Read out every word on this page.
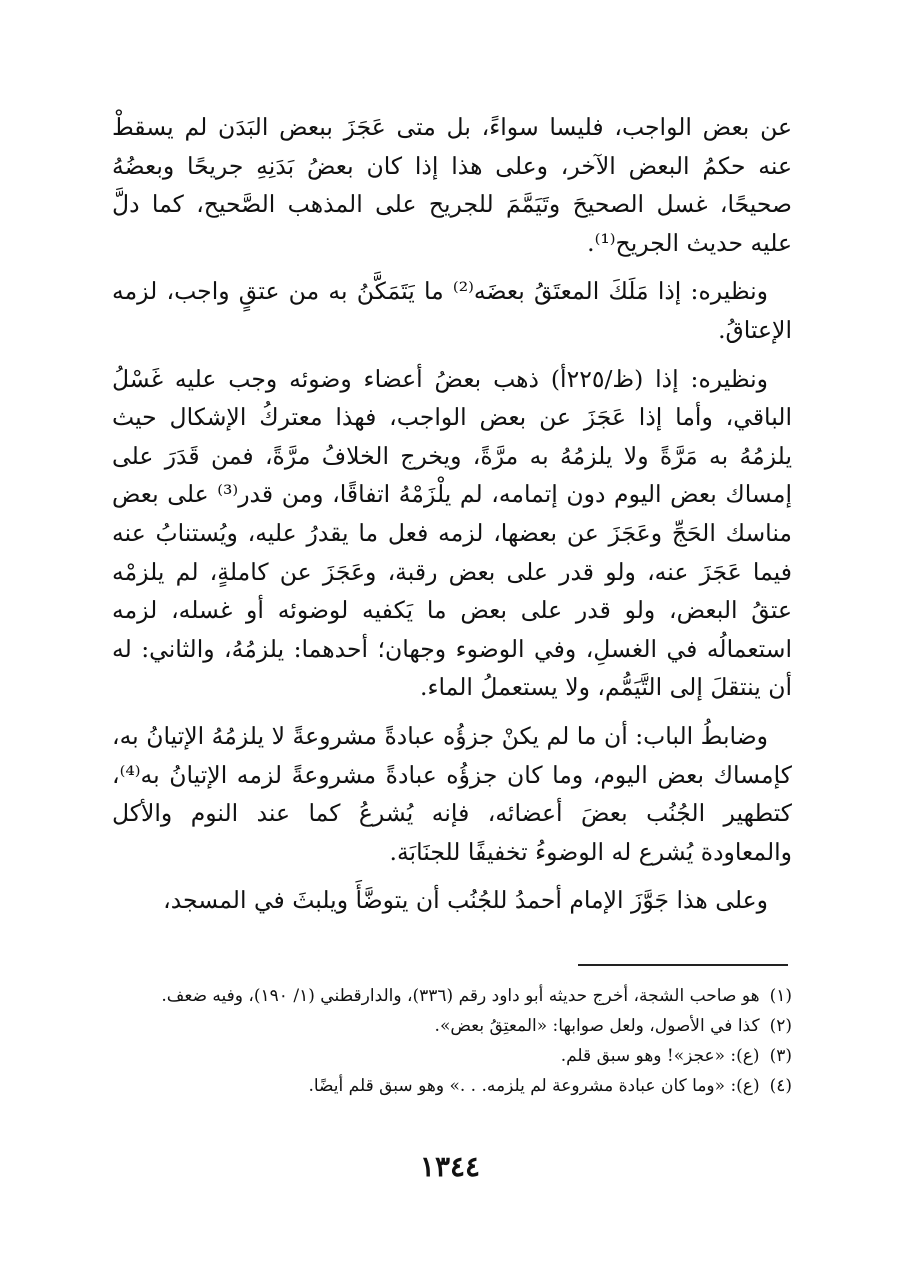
عن بعض الواجب، فليسا سواءً، بل متى عَجَزَ ببعض البَدَن لم يسقطْ عنه حكمُ البعض الآخر، وعلى هذا إذا كان بعضُ بَدَنِهِ جريحًا وبعضُهُ صحيحًا، غسل الصحيحَ وتَيَمَّمَ للجريح على المذهب الصَّحيح، كما دلَّ عليه حديث الجريح⁽¹⁾.

ونظيره: إذا مَلَكَ المعتَقُ بعضَه⁽²⁾ ما يَتَمَكَّنُ به من عتقٍ واجب، لزمه الإعتاقُ.

ونظيره: إذا (ظ/٢٢٥أ) ذهب بعضُ أعضاء وضوئه وجب عليه غَسْلُ الباقي، وأما إذا عَجَزَ عن بعض الواجب، فهذا معتركُ الإشكال حيث يلزمُهُ به مَرَّةً ولا يلزمُهُ به مرَّةً، ويخرج الخلافُ مرَّةً، فمن قَدَرَ على إمساك بعض اليوم دون إتمامه، لم يلْزَمْهُ اتفاقًا، ومن قدر⁽³⁾ على بعض مناسك الحَجِّ وعَجَزَ عن بعضها، لزمه فعل ما يقدرُ عليه، ويُستنابُ عنه فيما عَجَزَ عنه، ولو قدر على بعض رقبة، وعَجَزَ عن كاملةٍ، لم يلزمْه عتقُ البعض، ولو قدر على بعض ما يَكفيه لوضوئه أو غسله، لزمه استعمالُه في الغسلِ، وفي الوضوء وجهان؛ أحدهما: يلزمُهُ، والثاني: له أن ينتقلَ إلى التَّيَمُّم، ولا يستعملُ الماء.

وضابطُ الباب: أن ما لم يكنْ جزؤُه عبادةً مشروعةً لا يلزمُهُ الإتيانُ به، كإمساك بعض اليوم، وما كان جزؤُه عبادةً مشروعةً لزمه الإتيانُ به⁽⁴⁾، كتطهير الجُنُب بعضَ أعضائه، فإنه يُشرعُ كما عند النوم والأكل والمعاودة يُشرع له الوضوءُ تخفيفًا للجنَابَة.

وعلى هذا جَوَّزَ الإمام أحمدُ للجُنُب أن يتوضَّأَ ويلبثَ في المسجد،

(١)هو صاحب الشجة، أخرج حديثه أبو داود رقم (٣٣٦)، والدارقطني (١/ ١٩٠)، وفيه ضعف.
(٢)كذا في الأصول، ولعل صوابها: «المعتِقُ بعض».
(٣)(ع): «عجز»! وهو سبق قلم.
(٤)(ع): «وما كان عبادة مشروعة لم يلزمه. . .» وهو سبق قلم أيضًا.
١٣٤٤
